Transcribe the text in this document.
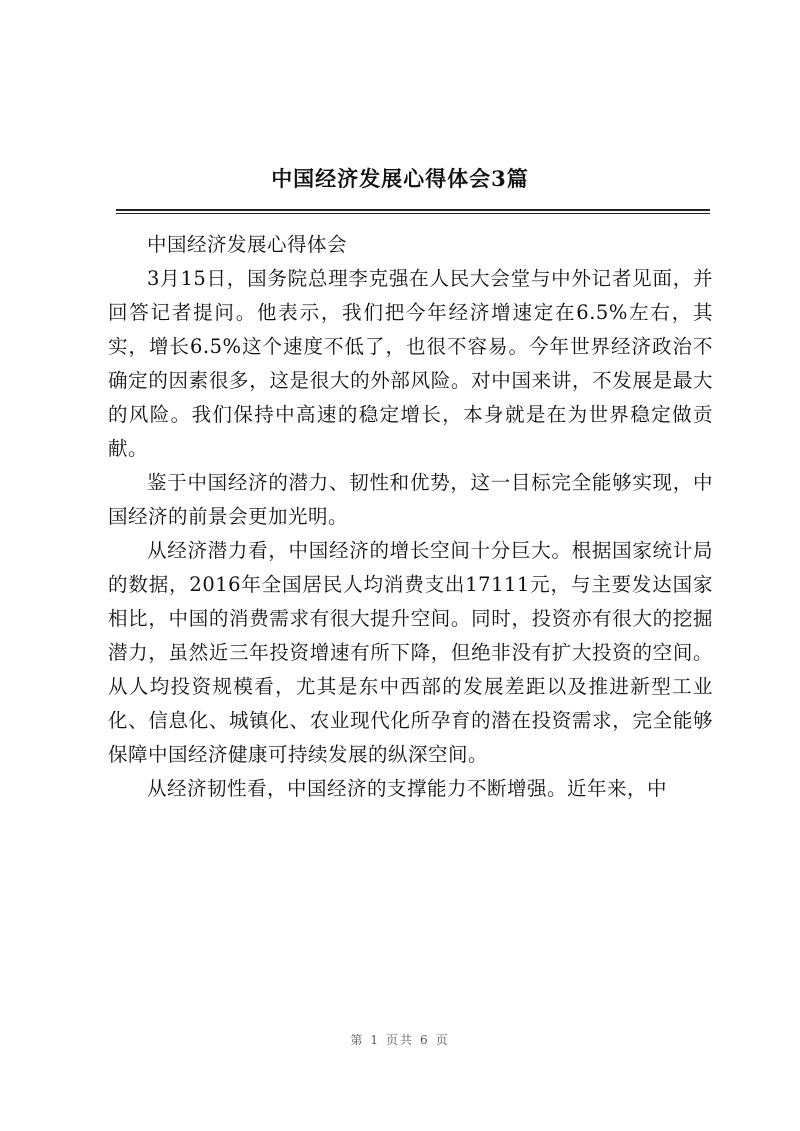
中国经济发展心得体会3篇

中国经济发展心得体会

3月15日，国务院总理李克强在人民大会堂与中外记者见面，并回答记者提问。他表示，我们把今年经济增速定在6.5%左右，其实，增长6.5%这个速度不低了，也很不容易。今年世界经济政治不确定的因素很多，这是很大的外部风险。对中国来讲，不发展是最大的风险。我们保持中高速的稳定增长，本身就是在为世界稳定做贡献。

鉴于中国经济的潜力、韧性和优势，这一目标完全能够实现，中国经济的前景会更加光明。

从经济潜力看，中国经济的增长空间十分巨大。根据国家统计局的数据，2016年全国居民人均消费支出17111元，与主要发达国家相比，中国的消费需求有很大提升空间。同时，投资亦有很大的挖掘潜力，虽然近三年投资增速有所下降，但绝非没有扩大投资的空间。从人均投资规模看，尤其是东中西部的发展差距以及推进新型工业化、信息化、城镇化、农业现代化所孕育的潜在投资需求，完全能够保障中国经济健康可持续发展的纵深空间。

从经济韧性看，中国经济的支撑能力不断增强。近年来，中

第 1 页共 6 页
